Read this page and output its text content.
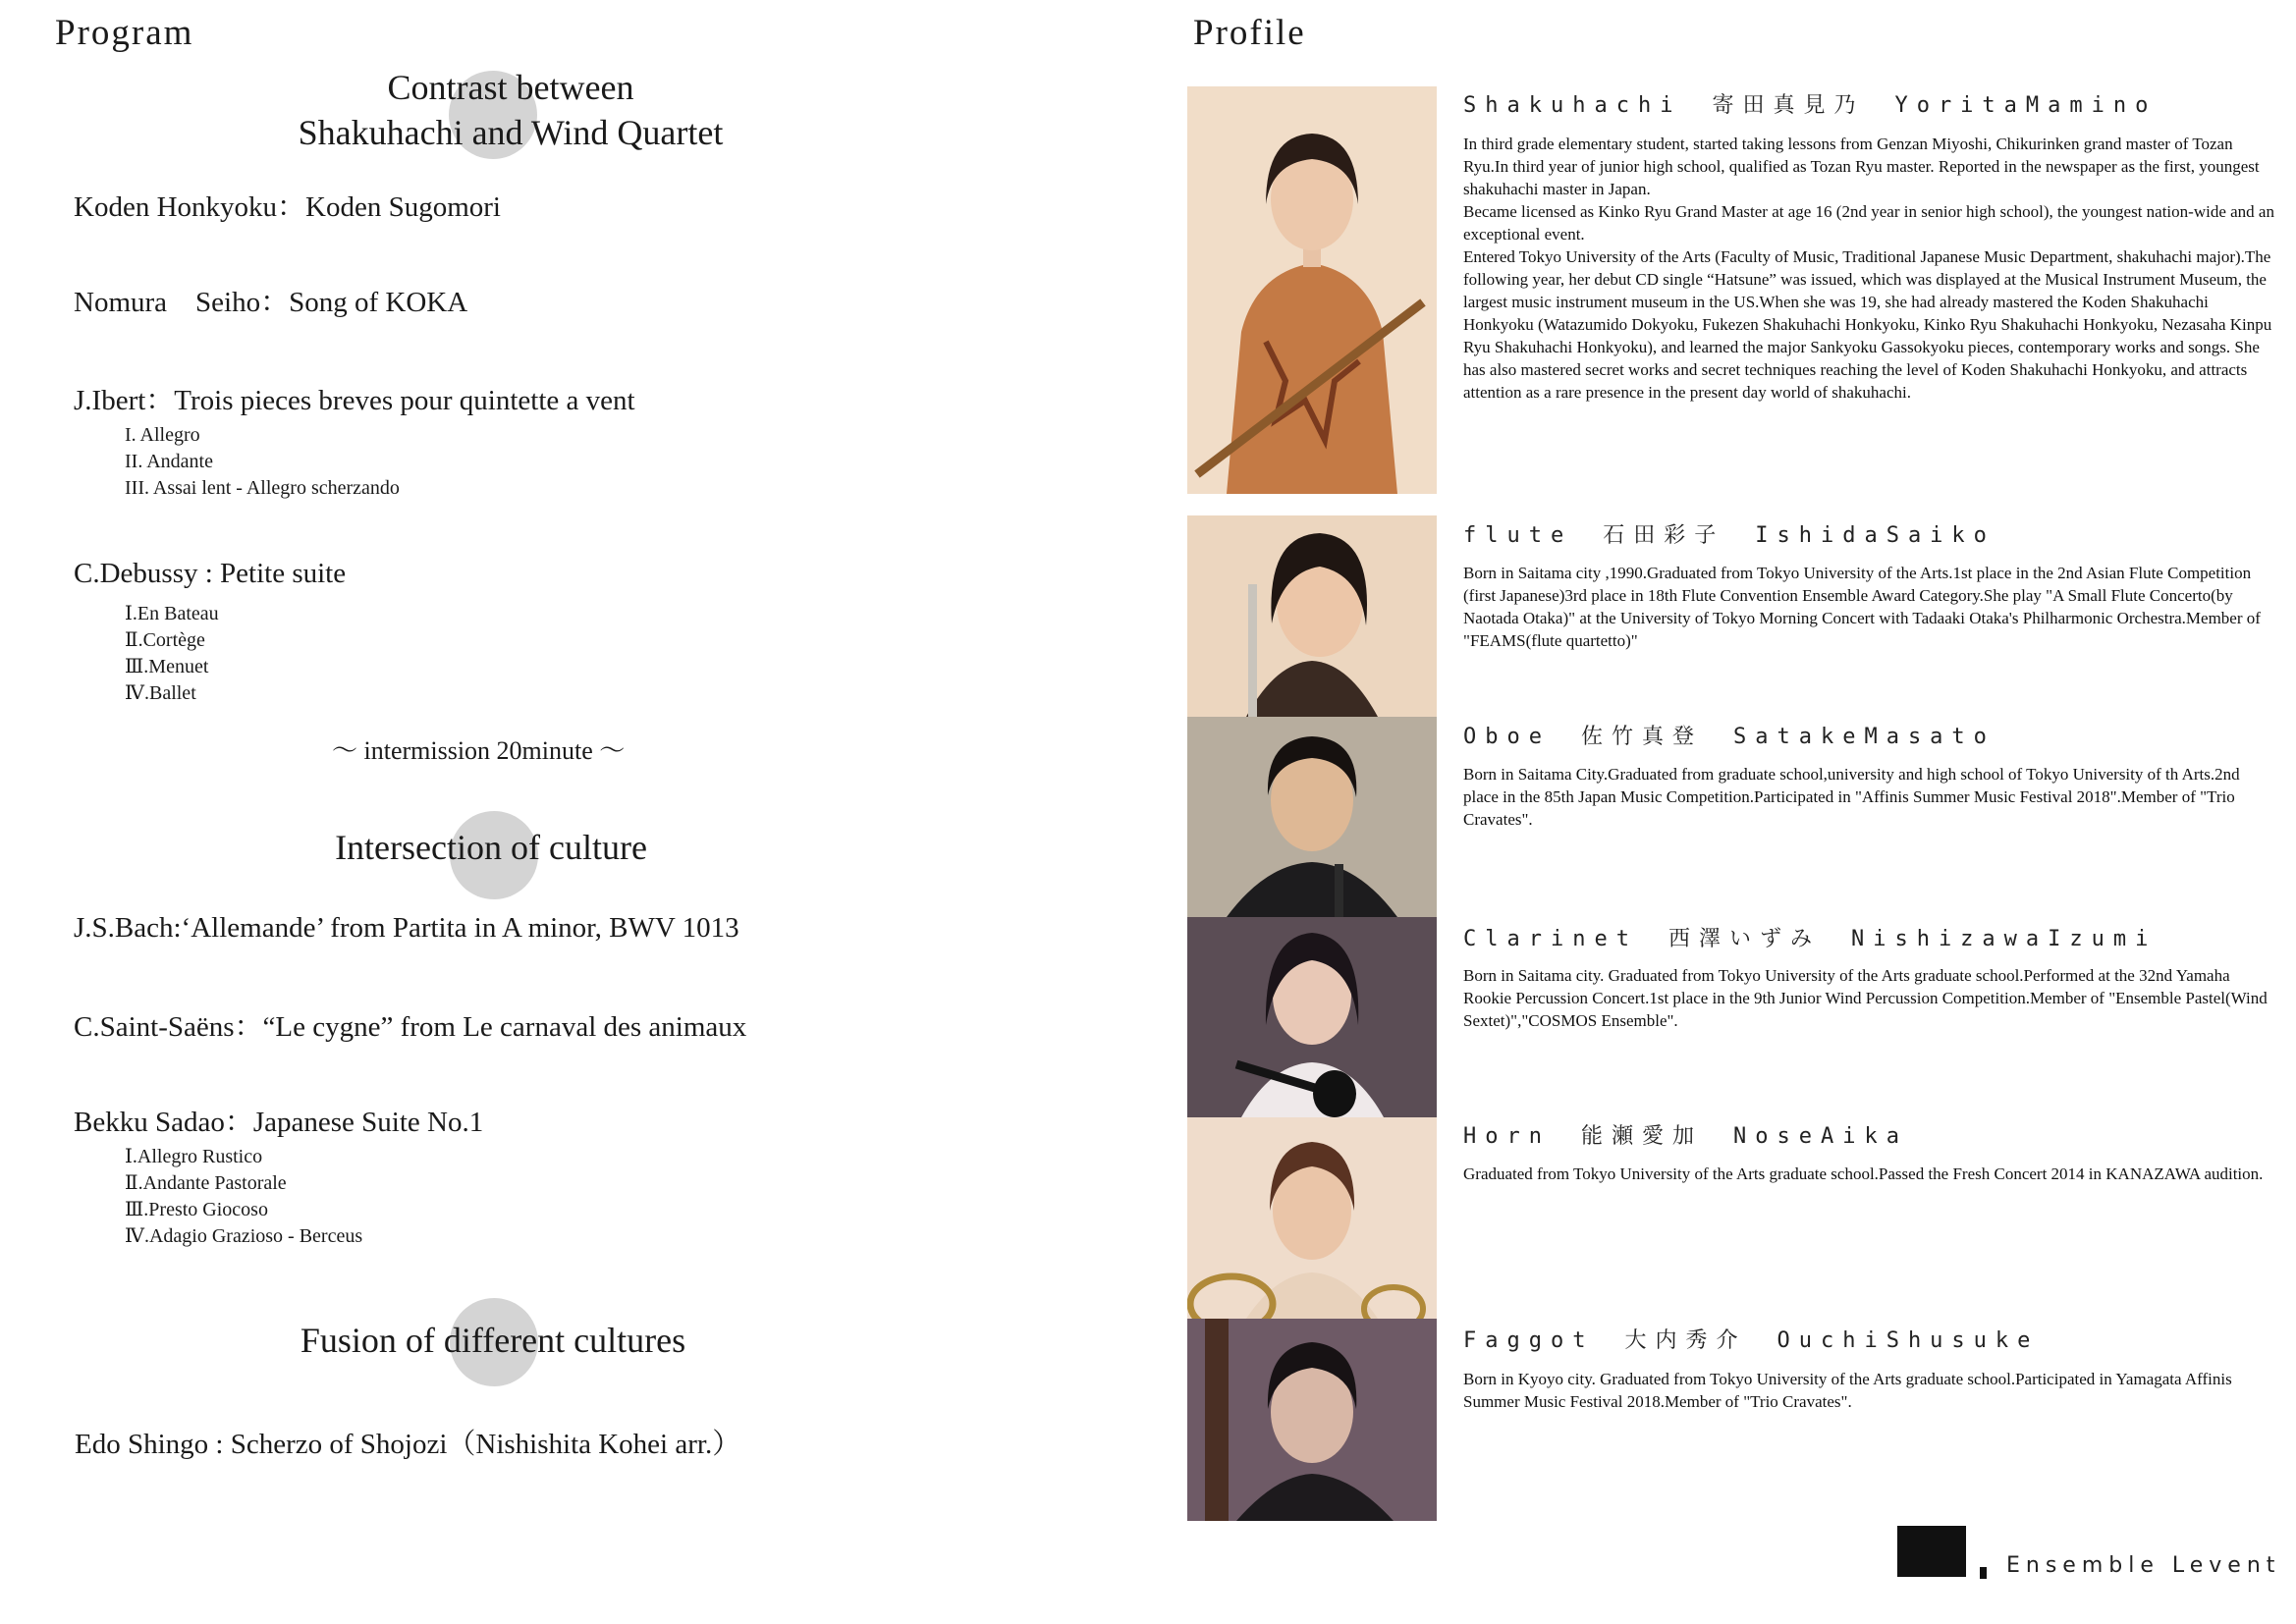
Program
Contrast between
Shakuhachi and Wind Quartet
Koden Honkyoku：Koden Sugomori
Nomura　Seiho：Song of KOKA
J.Ibert：Trois pieces breves pour quintette a vent
I. Allegro
II. Andante
III. Assai lent - Allegro scherzando
C.Debussy : Petite suite
Ⅰ.En Bateau
Ⅱ.Cortège
Ⅲ.Menuet
Ⅳ.Ballet
～ intermission 20minute ～
Intersection of culture
J.S.Bach:‘Allemande’ from Partita in A minor, BWV 1013
C.Saint-Saëns：“Le cygne” from Le carnaval des animaux
Bekku Sadao：Japanese Suite No.1
Ⅰ.Allegro Rustico
Ⅱ.Andante Pastorale
Ⅲ.Presto Giocoso
Ⅳ.Adagio Grazioso - Berceus
Fusion of different cultures
Edo Shingo : Scherzo of Shojozi（Nishishita Kohei arr.）
Profile
Shakuhachi　寄田真見乃　YoritaMamino
In third grade elementary student, started taking lessons from Genzan Miyoshi, Chikurinken grand master of Tozan Ryu.In third year of junior high school, qualified as Tozan Ryu master. Reported in the newspaper as the first, youngest shakuhachi master in Japan.
Became licensed as Kinko Ryu Grand Master at age 16 (2nd year in senior high school), the youngest nation-wide and an exceptional event.
Entered Tokyo University of the Arts (Faculty of Music, Traditional Japanese Music Department, shakuhachi major).The following year, her debut CD single “Hatsune” was issued, which was displayed at the Musical Instrument Museum, the largest music instrument museum in the US.When she was 19, she had already mastered the Koden Shakuhachi Honkyoku (Watazumido Dokyoku, Fukezen Shakuhachi Honkyoku, Kinko Ryu Shakuhachi Honkyoku, Nezasaha Kinpu Ryu Shakuhachi Honkyoku), and learned the major Sankyoku Gassokyoku pieces, contemporary works and songs. She has also mastered secret works and secret techniques reaching the level of Koden Shakuhachi Honkyoku, and attracts attention as a rare presence in the present day world of shakuhachi.
flute　石田彩子　IshidaSaiko
Born in Saitama city ,1990.Graduated from Tokyo University of the Arts.1st place in the 2nd Asian Flute Competition (first Japanese)3rd place in 18th Flute Convention Ensemble Award Category.She play "A Small Flute Concerto(by Naotada Otaka)" at the University of Tokyo Morning Concert with Tadaaki Otaka's Philharmonic Orchestra.Member of "FEAMS(flute quartetto)"
Oboe　佐竹真登　SatakeMasato
Born in Saitama City.Graduated from graduate school,university and high school of Tokyo University of th Arts.2nd place in the 85th Japan Music Competition.Participated in "Affinis Summer Music Festival 2018".Member of "Trio Cravates".
Clarinet　西澤いずみ　NishizawaIzumi
Born in Saitama city. Graduated from Tokyo University of the Arts graduate school.Performed at the 32nd Yamaha Rookie Percussion Concert.1st place in the 9th Junior Wind Percussion Competition.Member of "Ensemble Pastel(Wind Sextet)","COSMOS Ensemble".
Horn　能瀬愛加　NoseAika
Graduated from Tokyo University of the Arts graduate school.Passed the Fresh Concert 2014 in KANAZAWA audition.
Faggot　大内秀介　OuchiShusuke
Born in Kyoyo city. Graduated from Tokyo University of the Arts graduate school.Participated in Yamagata Affinis Summer Music Festival 2018.Member of "Trio Cravates".
Ensemble Levent
